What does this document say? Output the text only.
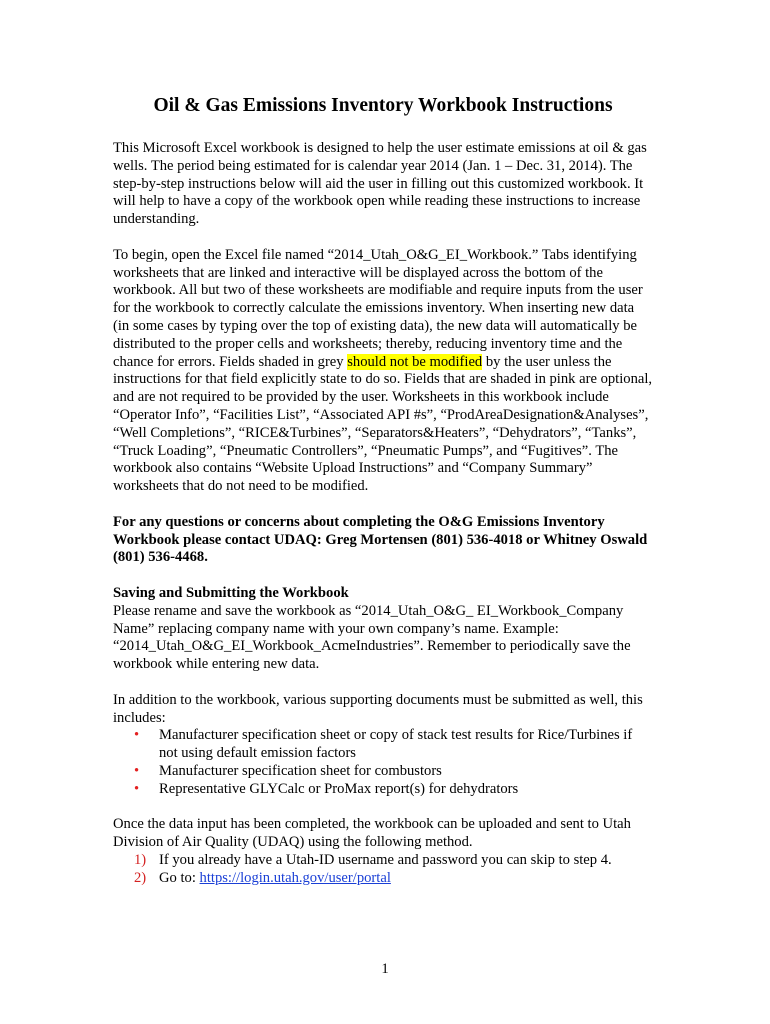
Oil & Gas Emissions Inventory Workbook Instructions

This Microsoft Excel workbook is designed to help the user estimate emissions at oil & gas wells. The period being estimated for is calendar year 2014 (Jan. 1 – Dec. 31, 2014). The step-by-step instructions below will aid the user in filling out this customized workbook. It will help to have a copy of the workbook open while reading these instructions to increase understanding.

To begin, open the Excel file named “2014_Utah_O&G_EI_Workbook.” Tabs identifying worksheets that are linked and interactive will be displayed across the bottom of the workbook. All but two of these worksheets are modifiable and require inputs from the user for the workbook to correctly calculate the emissions inventory. When inserting new data (in some cases by typing over the top of existing data), the new data will automatically be distributed to the proper cells and worksheets; thereby, reducing inventory time and the chance for errors. Fields shaded in grey should not be modified by the user unless the instructions for that field explicitly state to do so. Fields that are shaded in pink are optional, and are not required to be provided by the user. Worksheets in this workbook include “Operator Info”, “Facilities List”, “Associated API #s”, “ProdAreaDesignation&Analyses”, “Well Completions”, “RICE&Turbines”, “Separators&Heaters”, “Dehydrators”, “Tanks”, “Truck Loading”, “Pneumatic Controllers”, “Pneumatic Pumps”, and “Fugitives”. The workbook also contains “Website Upload Instructions” and “Company Summary” worksheets that do not need to be modified.

For any questions or concerns about completing the O&G Emissions Inventory Workbook please contact UDAQ: Greg Mortensen (801) 536-4018 or Whitney Oswald (801) 536-4468.

Saving and Submitting the Workbook
Please rename and save the workbook as “2014_Utah_O&G_ EI_Workbook_Company Name” replacing company name with your own company’s name. Example: “2014_Utah_O&G_EI_Workbook_AcmeIndustries”. Remember to periodically save the workbook while entering new data.

In addition to the workbook, various supporting documents must be submitted as well, this includes:
• Manufacturer specification sheet or copy of stack test results for Rice/Turbines if not using default emission factors
• Manufacturer specification sheet for combustors
• Representative GLYCalc or ProMax report(s) for dehydrators
Once the data input has been completed, the workbook can be uploaded and sent to Utah Division of Air Quality (UDAQ) using the following method.
1) If you already have a Utah-ID username and password you can skip to step 4.
2) Go to: https://login.utah.gov/user/portal
1
